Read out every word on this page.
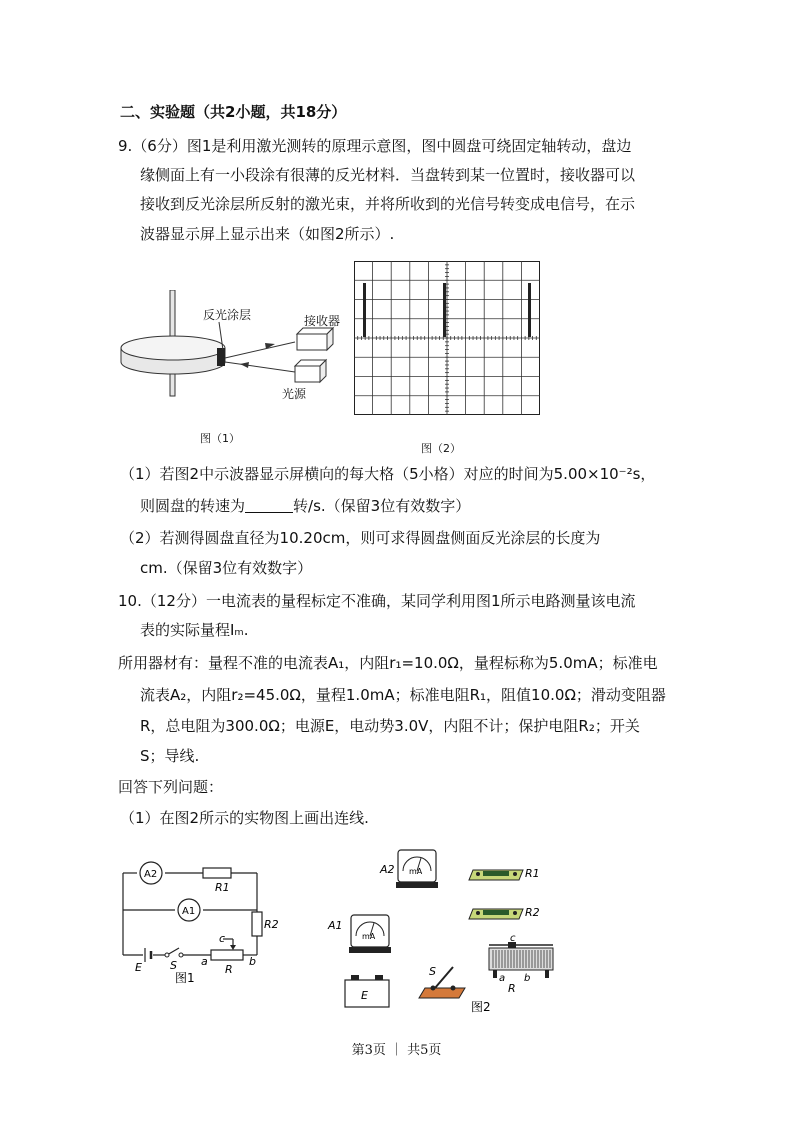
二、实验题（共2小题，共18分）
9.（6分）图1是利用激光测转的原理示意图，图中圆盘可绕固定轴转动，盘边
缘侧面上有一小段涂有很薄的反光材料．当盘转到某一位置时，接收器可以
接收到反光涂层所反射的激光束，并将所收到的光信号转变成电信号，在示
波器显示屏上显示出来（如图2所示）.
反光涂层	接收器
光源
图（1）
图（2）
（1）若图2中示波器显示屏横向的每大格（5小格）对应的时间为5.00×10⁻²s，
则圆盘的转速为	转/s.（保留3位有效数字）
（2）若测得圆盘直径为10.20cm，则可求得圆盘侧面反光涂层的长度为
cm.（保留3位有效数字）
10.（12分）一电流表的量程标定不准确，某同学利用图1所示电路测量该电流
表的实际量程Iₘ.
所用器材有：量程不准的电流表A₁，内阻r₁=10.0Ω，量程标称为5.0mA；标准电
流表A₂，内阻r₂=45.0Ω，量程1.0mA；标准电阻R₁，阻值10.0Ω；滑动变阻器
R，总电阻为300.0Ω；电源E，电动势3.0V，内阻不计；保护电阻R₂；开关
S；导线.
回答下列问题：
（1）在图2所示的实物图上画出连线.
A2
A1
R1
R2
E	S
c
a
R
b
图1
mA
A2
mA
A1
R1
R2
c
a b
R
E
S
图2
第3页 ｜ 共5页
